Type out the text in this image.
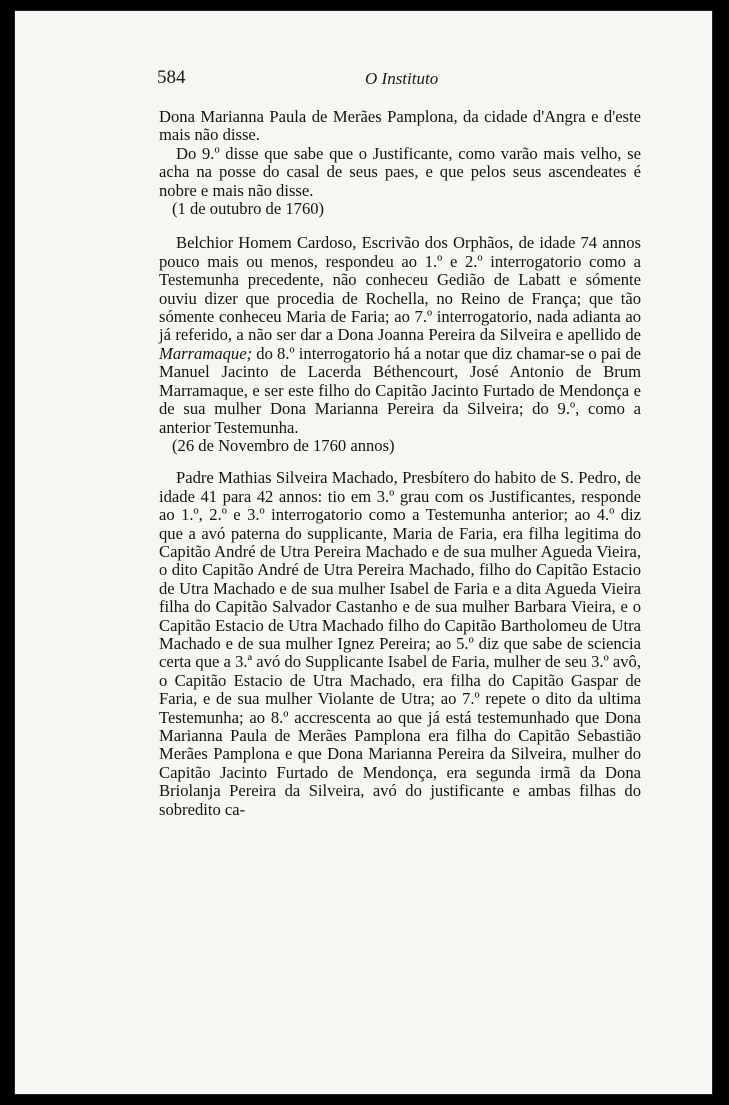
584	O Instituto

Dona Marianna Paula de Merães Pamplona, da cidade d'Angra e d'este mais não disse.

Do 9.º disse que sabe que o Justificante, como varão mais velho, se acha na posse do casal de seus paes, e que pelos seus ascendeates é nobre e mais não disse.

(1 de outubro de 1760)

Belchior Homem Cardoso, Escrivão dos Orphãos, de idade 74 annos pouco mais ou menos, respondeu ao 1.º e 2.º interrogatorio como a Testemunha precedente, não conheceu Gedião de Labatt e sómente ouviu dizer que procedia de Rochella, no Reino de França; que tão sómente conheceu Maria de Faria; ao 7.º interrogatorio, nada adianta ao já referido, a não ser dar a Dona Joanna Pereira da Silveira e apellido de Marramaque; do 8.º interrogatorio há a notar que diz chamar-se o pai de Manuel Jacinto de Lacerda Béthencourt, José Antonio de Brum Marramaque, e ser este filho do Capitão Jacinto Furtado de Mendonça e de sua mulher Dona Marianna Pereira da Silveira; do 9.º, como a anterior Testemunha.

(26 de Novembro de 1760 annos)

Padre Mathias Silveira Machado, Presbítero do habito de S. Pedro, de idade 41 para 42 annos: tio em 3.º grau com os Justificantes, responde ao 1.º, 2.º e 3.º interrogatorio como a Testemunha anterior; ao 4.º diz que a avó paterna do supplicante, Maria de Faria, era filha legitima do Capitão André de Utra Pereira Machado e de sua mulher Agueda Vieira, o dito Capitão André de Utra Pereira Machado, filho do Capitão Estacio de Utra Machado e de sua mulher Isabel de Faria e a dita Agueda Vieira filha do Capitão Salvador Castanho e de sua mulher Barbara Vieira, e o Capitão Estacio de Utra Machado filho do Capitão Bartholomeu de Utra Machado e de sua mulher Ignez Pereira; ao 5.º diz que sabe de sciencia certa que a 3.ª avó do Supplicante Isabel de Faria, mulher de seu 3.º avô, o Capitão Estacio de Utra Machado, era filha do Capitão Gaspar de Faria, e de sua mulher Violante de Utra; ao 7.º repete o dito da ultima Testemunha; ao 8.º accrescenta ao que já está testemunhado que Dona Marianna Paula de Merães Pamplona era filha do Capitão Sebastião Merães Pamplona e que Dona Marianna Pereira da Silveira, mulher do Capitão Jacinto Furtado de Mendonça, era segunda irmã da Dona Briolanja Pereira da Silveira, avó do justificante e ambas filhas do sobredito ca-
